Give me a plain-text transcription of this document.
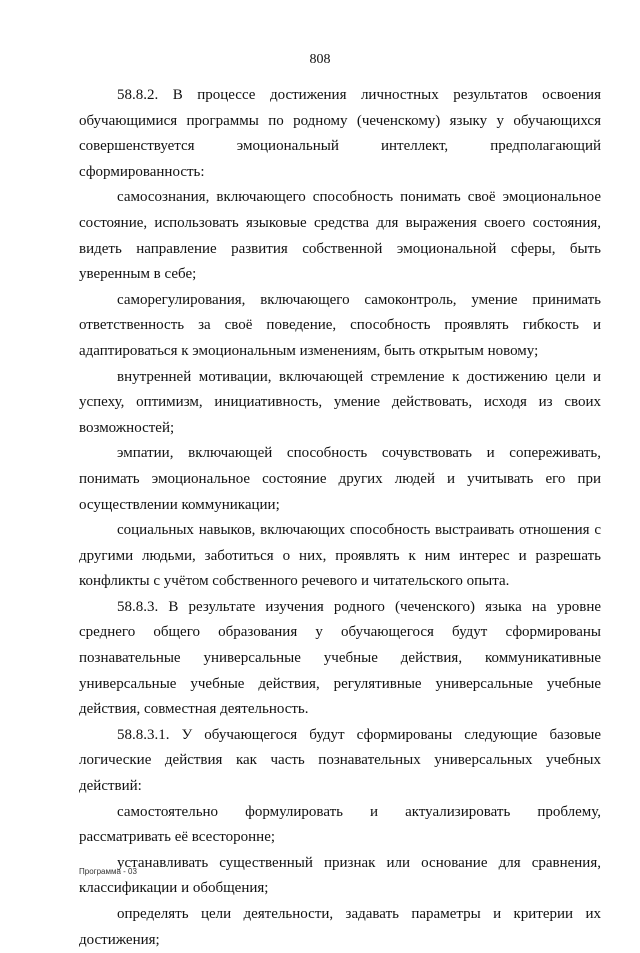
808

58.8.2. В процессе достижения личностных результатов освоения обучающимися программы по родному (чеченскому) языку у обучающихся совершенствуется эмоциональный интеллект, предполагающий сформированность:

самосознания, включающего способность понимать своё эмоциональное состояние, использовать языковые средства для выражения своего состояния, видеть направление развития собственной эмоциональной сферы, быть уверенным в себе;

саморегулирования, включающего самоконтроль, умение принимать ответственность за своё поведение, способность проявлять гибкость и адаптироваться к эмоциональным изменениям, быть открытым новому;

внутренней мотивации, включающей стремление к достижению цели и успеху, оптимизм, инициативность, умение действовать, исходя из своих возможностей;

эмпатии, включающей способность сочувствовать и сопереживать, понимать эмоциональное состояние других людей и учитывать его при осуществлении коммуникации;

социальных навыков, включающих способность выстраивать отношения с другими людьми, заботиться о них, проявлять к ним интерес и разрешать конфликты с учётом собственного речевого и читательского опыта.

58.8.3. В результате изучения родного (чеченского) языка на уровне среднего общего образования у обучающегося будут сформированы познавательные универсальные учебные действия, коммуникативные универсальные учебные действия, регулятивные универсальные учебные действия, совместная деятельность.

58.8.3.1. У обучающегося будут сформированы следующие базовые логические действия как часть познавательных универсальных учебных действий:

самостоятельно формулировать и актуализировать проблему, рассматривать её всесторонне;

устанавливать существенный признак или основание для сравнения, классификации и обобщения;

определять цели деятельности, задавать параметры и критерии их достижения;

Программа - 03
